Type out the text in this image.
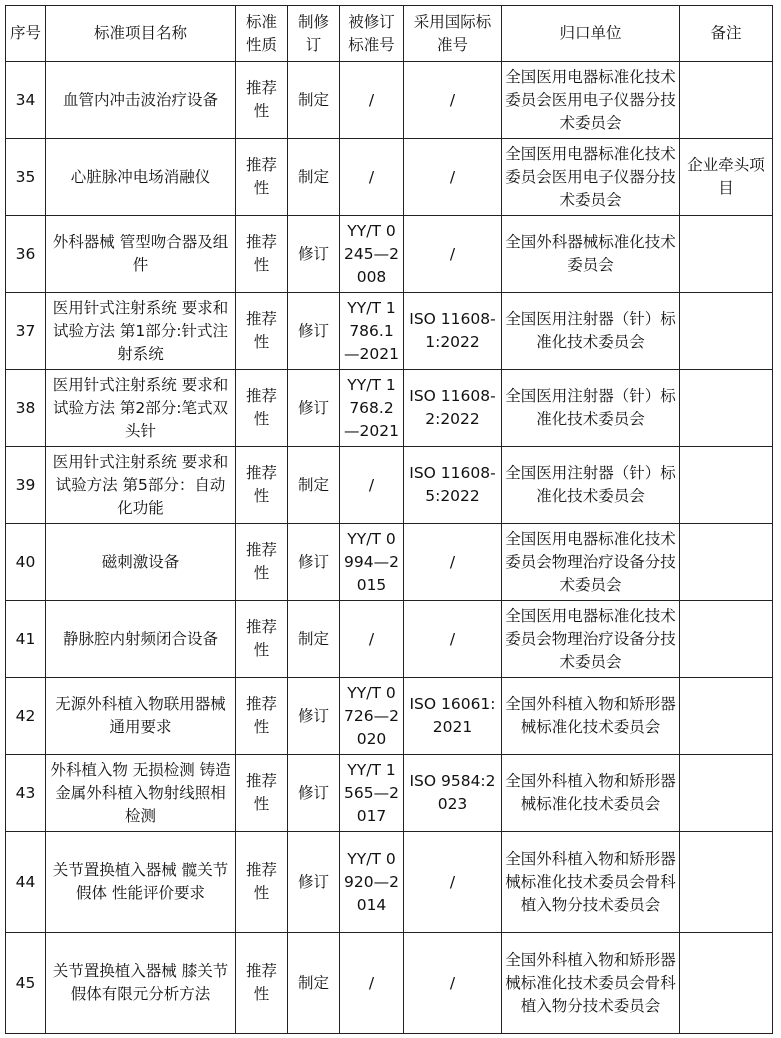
序号	标准项目名称	标准性质	制修订	被修订标准号	采用国际标准号	归口单位	备注
34	血管内冲击波治疗设备	推荐性	制定	/	/	全国医用电器标准化技术委员会医用电子仪器分技术委员会	
35	心脏脉冲电场消融仪	推荐性	制定	/	/	全国医用电器标准化技术委员会医用电子仪器分技术委员会	企业牵头项目
36	外科器械 管型吻合器及组件	推荐性	修订	YY/T 0245—2008	/	全国外科器械标准化技术委员会	
37	医用针式注射系统 要求和试验方法 第1部分:针式注射系统	推荐性	修订	YY/T 1786.1—2021	ISO 11608-1:2022	全国医用注射器（针）标准化技术委员会	
38	医用针式注射系统 要求和试验方法 第2部分:笔式双头针	推荐性	修订	YY/T 1768.2—2021	ISO 11608-2:2022	全国医用注射器（针）标准化技术委员会	
39	医用针式注射系统 要求和试验方法 第5部分：自动化功能	推荐性	制定	/	ISO 11608-5:2022	全国医用注射器（针）标准化技术委员会	
40	磁刺激设备	推荐性	修订	YY/T 0994—2015	/	全国医用电器标准化技术委员会物理治疗设备分技术委员会	
41	静脉腔内射频闭合设备	推荐性	制定	/	/	全国医用电器标准化技术委员会物理治疗设备分技术委员会	
42	无源外科植入物联用器械 通用要求	推荐性	修订	YY/T 0726—2020	ISO 16061:2021	全国外科植入物和矫形器械标准化技术委员会	
43	外科植入物 无损检测 铸造金属外科植入物射线照相检测	推荐性	修订	YY/T 1565—2017	ISO 9584:2023	全国外科植入物和矫形器械标准化技术委员会	
44	关节置换植入器械 髋关节假体 性能评价要求	推荐性	修订	YY/T 0920—2014	/	全国外科植入物和矫形器械标准化技术委员会骨科植入物分技术委员会	
45	关节置换植入器械 膝关节假体有限元分析方法	推荐性	制定	/	/	全国外科植入物和矫形器械标准化技术委员会骨科植入物分技术委员会	
